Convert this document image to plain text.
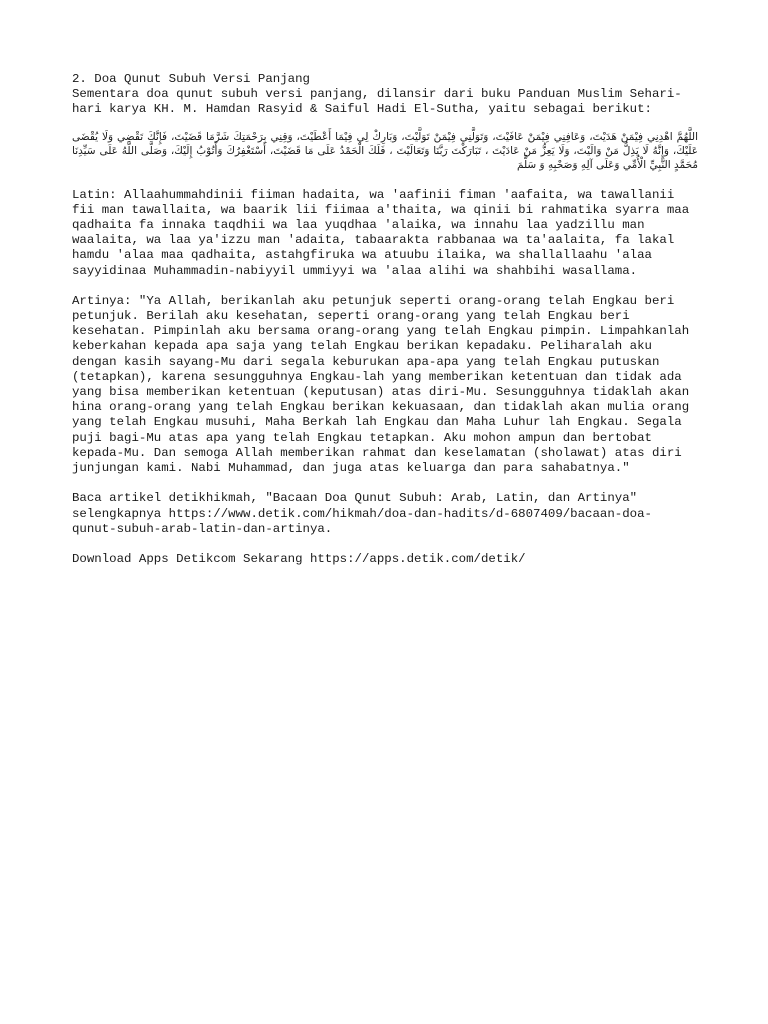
2. Doa Qunut Subuh Versi Panjang
Sementara doa qunut subuh versi panjang, dilansir dari buku Panduan Muslim Sehari-
hari karya KH. M. Hamdan Rasyid & Saiful Hadi El-Sutha, yaitu sebagai berikut:
اللَّهُمَّ اهْدِنِي فِيْمَنْ هَدَيْتَ، وَعَافِنِي فِيْمَنْ عَافَيْتَ، وَتَوَلَّنِي فِيْمَنْ تَوَلَّيْتَ، وَبَارِكْ لِي فِيْمَا أَعْطَيْتَ، وَقِنِي بِرَحْمَتِكَ شَرَّمَا قَضَيْتَ، فَإِنَّكَ تَقْضِي وَلَا يُقْضَى عَلَيْكَ، وَإِنَّهُ لَا يَذِلُّ مَنْ وَالَيْتَ، وَلَا يَعِزُّ مَنْ عَادَيْتَ ، تَبَارَكْتَ رَبَّنَا وَتَعَالَيْتَ ، فَلَكَ الْحَمْدُ عَلَى مَا قَضَيْتَ، أَسْتَغْفِرُكَ وَأَتُوْبُ إِلَيْكَ، وَصَلَّى اللَّهُ عَلَى سَيِّدِنَا مُحَمَّدٍ النَّبِيِّ الْأُمِّي وَعَلَى آلِهِ وَصَحْبِهِ وَ سَلَّمَ
Latin: Allaahummahdinii fiiman hadaita, wa 'aafinii fiman 'aafaita, wa tawallanii
fii man tawallaita, wa baarik lii fiimaa a'thaita, wa qinii bi rahmatika syarra maa
qadhaita fa innaka taqdhii wa laa yuqdhaa 'alaika, wa innahu laa yadzillu man
waalaita, wa laa ya'izzu man 'adaita, tabaarakta rabbanaa wa ta'aalaita, fa lakal
hamdu 'alaa maa qadhaita, astahgfiruka wa atuubu ilaika, wa shallallaahu 'alaa
sayyidinaa Muhammadin-nabiyyil ummiyyi wa 'alaa alihi wa shahbihi wasallama.
Artinya: "Ya Allah, berikanlah aku petunjuk seperti orang-orang telah Engkau beri
petunjuk. Berilah aku kesehatan, seperti orang-orang yang telah Engkau beri
kesehatan. Pimpinlah aku bersama orang-orang yang telah Engkau pimpin. Limpahkanlah
keberkahan kepada apa saja yang telah Engkau berikan kepadaku. Peliharalah aku
dengan kasih sayang-Mu dari segala keburukan apa-apa yang telah Engkau putuskan
(tetapkan), karena sesungguhnya Engkau-lah yang memberikan ketentuan dan tidak ada
yang bisa memberikan ketentuan (keputusan) atas diri-Mu. Sesungguhnya tidaklah akan
hina orang-orang yang telah Engkau berikan kekuasaan, dan tidaklah akan mulia orang
yang telah Engkau musuhi, Maha Berkah lah Engkau dan Maha Luhur lah Engkau. Segala
puji bagi-Mu atas apa yang telah Engkau tetapkan. Aku mohon ampun dan bertobat
kepada-Mu. Dan semoga Allah memberikan rahmat dan keselamatan (sholawat) atas diri
junjungan kami. Nabi Muhammad, dan juga atas keluarga dan para sahabatnya."
Baca artikel detikhikmah, "Bacaan Doa Qunut Subuh: Arab, Latin, dan Artinya"
selengkapnya https://www.detik.com/hikmah/doa-dan-hadits/d-6807409/bacaan-doa-
qunut-subuh-arab-latin-dan-artinya.
Download Apps Detikcom Sekarang https://apps.detik.com/detik/
